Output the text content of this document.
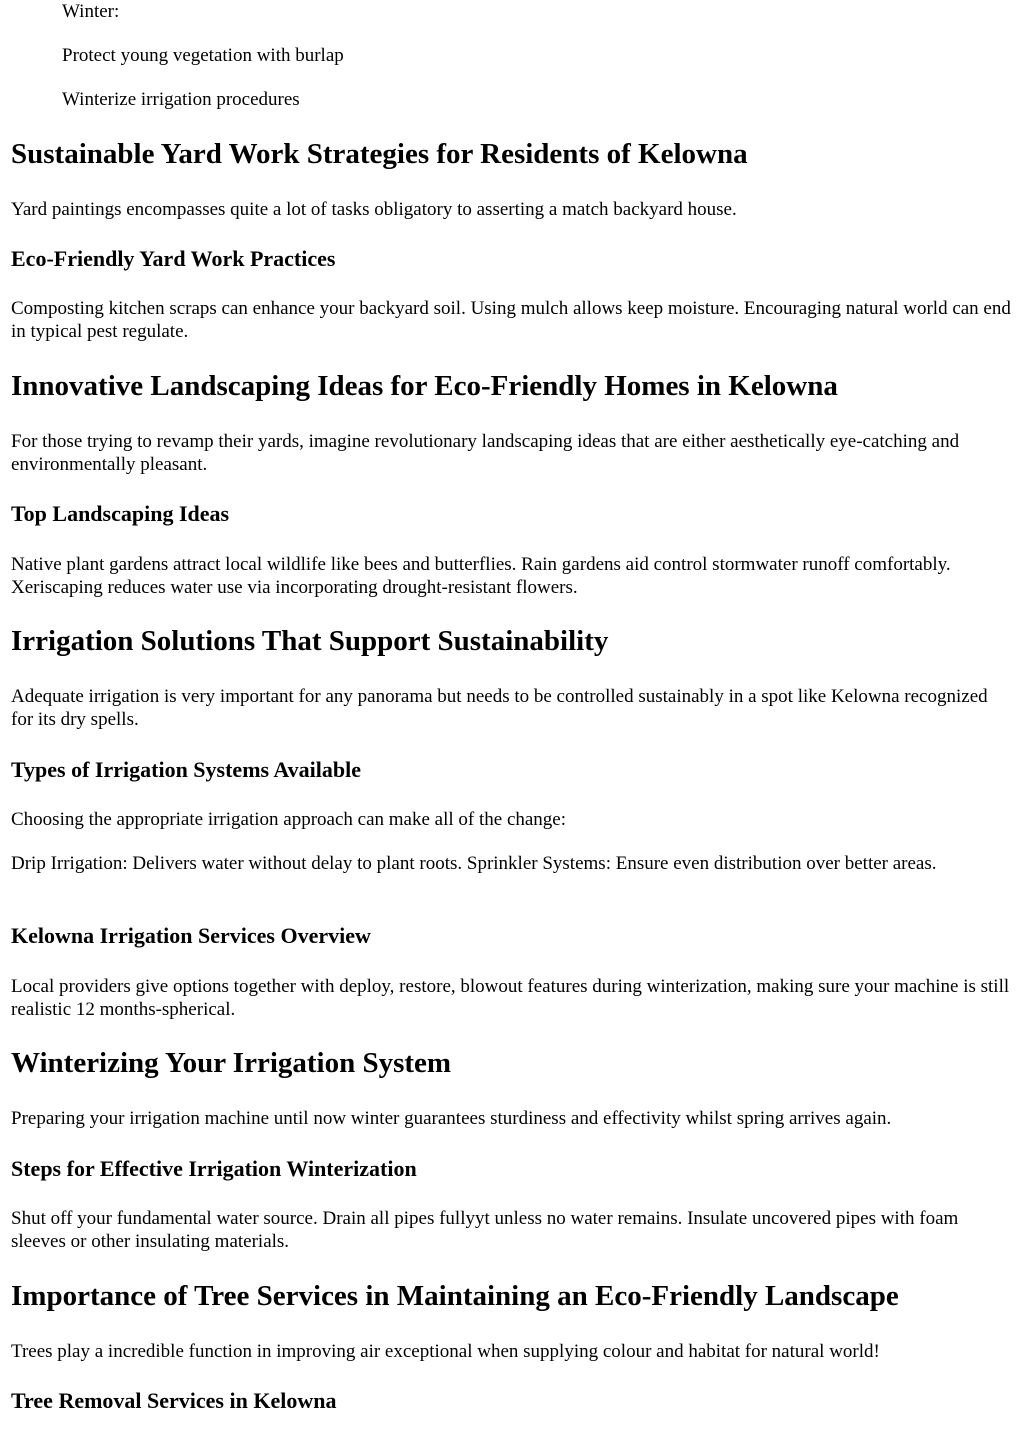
Winter:

Protect young vegetation with burlap

Winterize irrigation procedures

Sustainable Yard Work Strategies for Residents of Kelowna

Yard paintings encompasses quite a lot of tasks obligatory to asserting a match backyard house.

Eco-Friendly Yard Work Practices

Composting kitchen scraps can enhance your backyard soil. Using mulch allows keep moisture. Encouraging natural world can end in typical pest regulate.

Innovative Landscaping Ideas for Eco-Friendly Homes in Kelowna

For those trying to revamp their yards, imagine revolutionary landscaping ideas that are either aesthetically eye-catching and environmentally pleasant.

Top Landscaping Ideas

Native plant gardens attract local wildlife like bees and butterflies. Rain gardens aid control stormwater runoff comfortably. Xeriscaping reduces water use via incorporating drought-resistant flowers.

Irrigation Solutions That Support Sustainability

Adequate irrigation is very important for any panorama but needs to be controlled sustainably in a spot like Kelowna recognized for its dry spells.

Types of Irrigation Systems Available

Choosing the appropriate irrigation approach can make all of the change:

Drip Irrigation: Delivers water without delay to plant roots. Sprinkler Systems: Ensure even distribution over better areas.

Kelowna Irrigation Services Overview

Local providers give options together with deploy, restore, blowout features during winterization, making sure your machine is still realistic 12 months-spherical.

Winterizing Your Irrigation System

Preparing your irrigation machine until now winter guarantees sturdiness and effectivity whilst spring arrives again.

Steps for Effective Irrigation Winterization

Shut off your fundamental water source. Drain all pipes fullyyt unless no water remains. Insulate uncovered pipes with foam sleeves or other insulating materials.

Importance of Tree Services in Maintaining an Eco-Friendly Landscape

Trees play a incredible function in improving air exceptional when supplying colour and habitat for natural world!

Tree Removal Services in Kelowna
